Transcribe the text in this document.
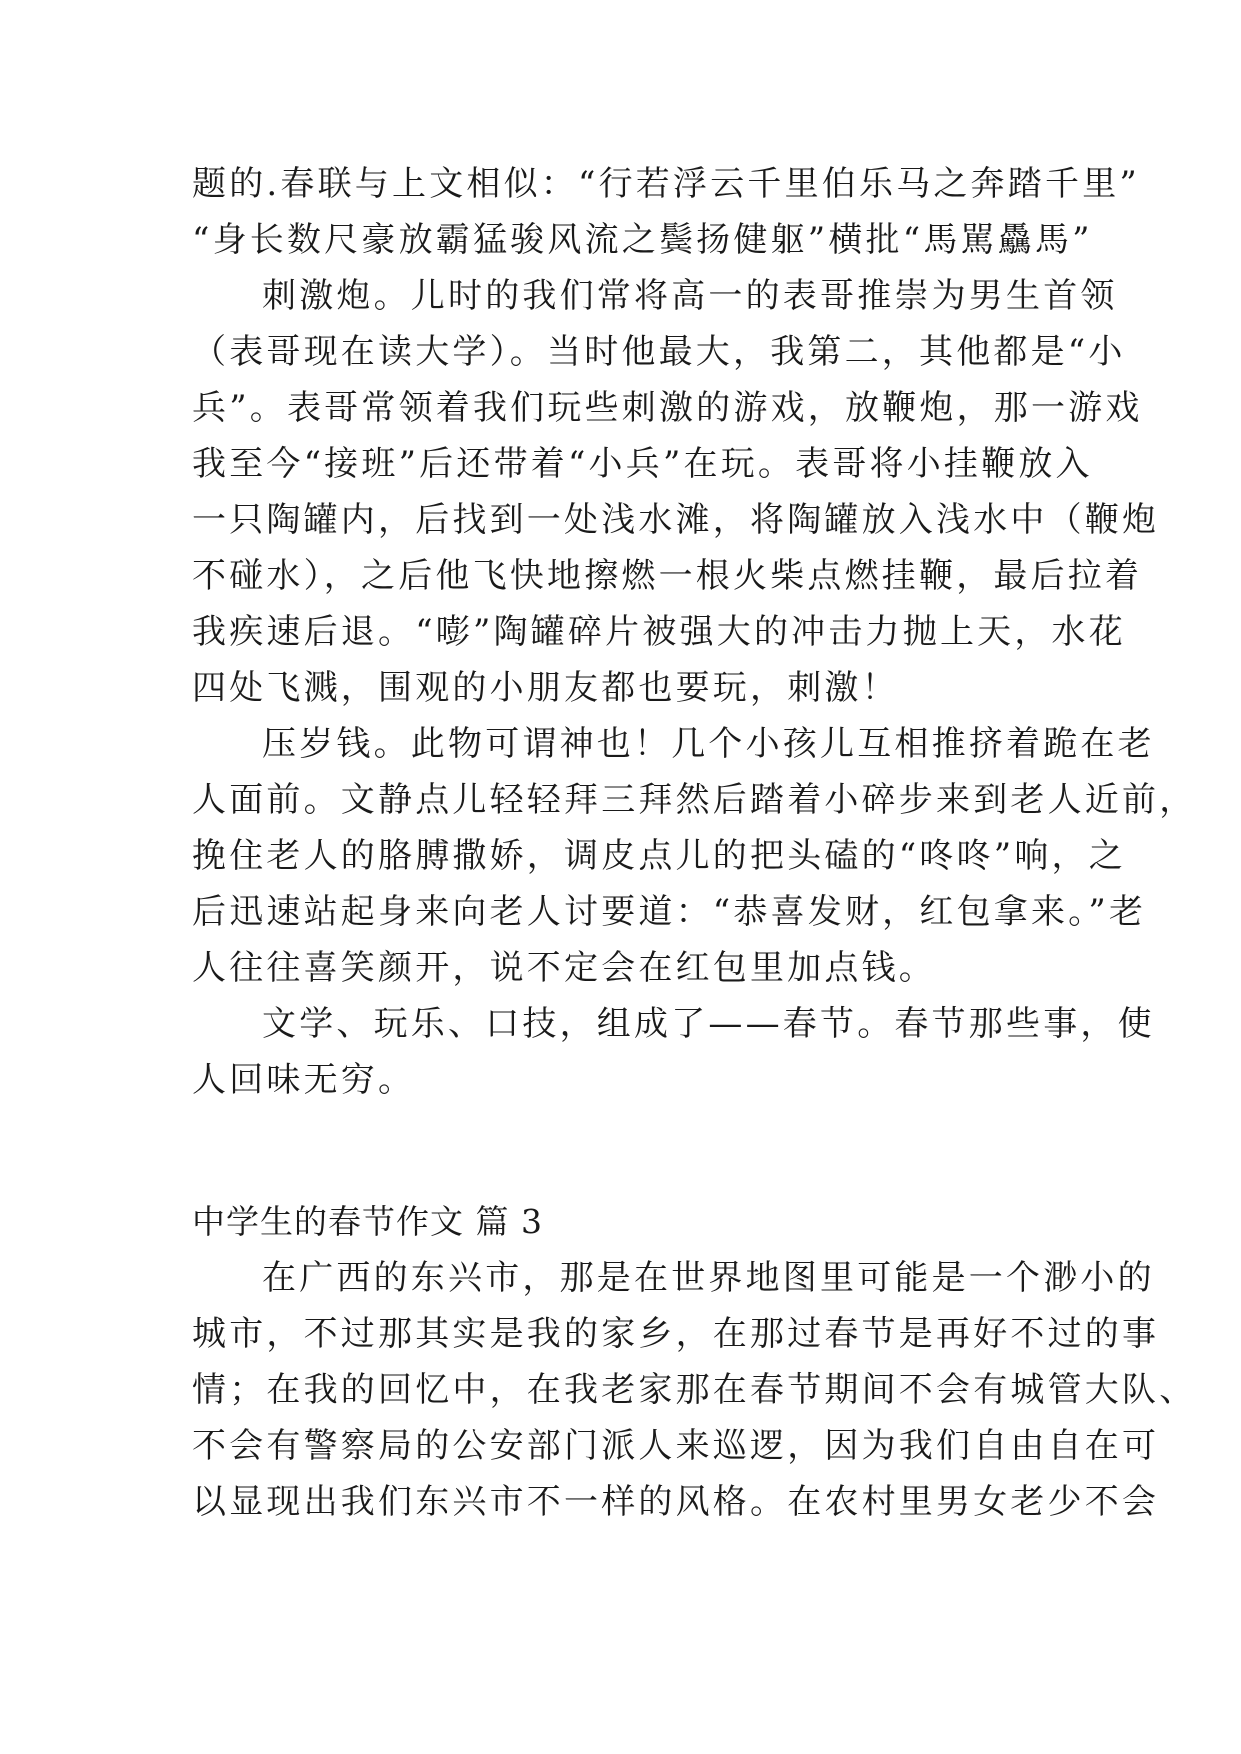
题的.春联与上文相似：“行若浮云千里伯乐马之奔踏千里”
“身长数尺豪放霸猛骏风流之鬓扬健躯”横批“馬駡驫馬”
刺激炮。儿时的我们常将高一的表哥推崇为男生首领
（表哥现在读大学）。当时他最大，我第二，其他都是“小
兵”。表哥常领着我们玩些刺激的游戏，放鞭炮，那一游戏
我至今“接班”后还带着“小兵”在玩。表哥将小挂鞭放入
一只陶罐内，后找到一处浅水滩，将陶罐放入浅水中（鞭炮
不碰水），之后他飞快地擦燃一根火柴点燃挂鞭，最后拉着
我疾速后退。“嘭”陶罐碎片被强大的冲击力抛上天，水花
四处飞溅，围观的小朋友都也要玩，刺激！
压岁钱。此物可谓神也！几个小孩儿互相推挤着跪在老
人面前。文静点儿轻轻拜三拜然后踏着小碎步来到老人近前，
挽住老人的胳膊撒娇，调皮点儿的把头磕的“咚咚”响，之
后迅速站起身来向老人讨要道：“恭喜发财，红包拿来。”老
人往往喜笑颜开，说不定会在红包里加点钱。
文学、玩乐、口技，组成了——春节。春节那些事，使
人回味无穷。
中学生的春节作文 篇 3
在广西的东兴市，那是在世界地图里可能是一个渺小的
城市，不过那其实是我的家乡，在那过春节是再好不过的事
情；在我的回忆中，在我老家那在春节期间不会有城管大队、
不会有警察局的公安部门派人来巡逻，因为我们自由自在可
以显现出我们东兴市不一样的风格。在农村里男女老少不会
